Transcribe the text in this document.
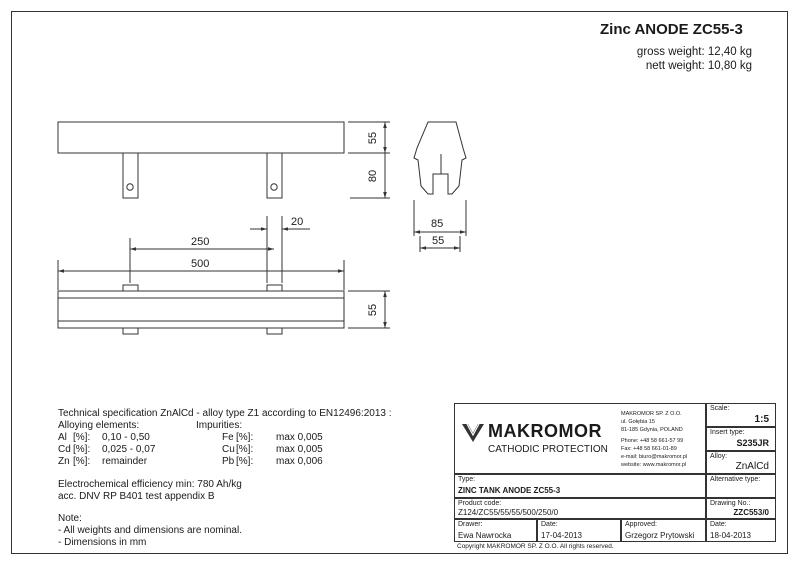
Zinc ANODE ZC55-3
gross weight: 12,40 kg
nett weight: 10,80 kg
55
80
85
55
20
250
500
55
Technical specification ZnAlCd - alloy type Z1 according to EN12496:2013 :
Alloying elements:	Impurities:
Al [%]: 0,10 - 0,50
Cd [%]: 0,025 - 0,07
Zn [%]: remainder
Fe [%]: max 0,005
Cu [%]: max 0,005
Pb [%]: max 0,006
Electrochemical efficiency min: 780 Ah/kg
acc. DNV RP B401 test appendix B
Note:
- All weights and dimensions are nominal.
- Dimensions in mm
MAKROMOR
CATHODIC PROTECTION
MAKROMOR SP. Z O.O.
ul. Gołębia 15
81-185 Gdynia, POLAND
Phone: +48 58 661-57 99
Fax: +48 58 661-01-89
e-mail: biuro@makromor.pl
website: www.makromor.pl
Scale:
1:5
Insert type:
S235JR
Alloy:
ZnAlCd
Type:
ZINC TANK ANODE ZC55-3
Alternative type:
Product code:
Z124/ZC55/55/55/500/250/0
Drawing No.:
ZZC553/0
Drawer:
Ewa Nawrocka
Date:
17-04-2013
Approved:
Grzegorz Prytowski
Date:
18-04-2013
Copyright MAKROMOR SP. Z O.O. All rights reserved.
